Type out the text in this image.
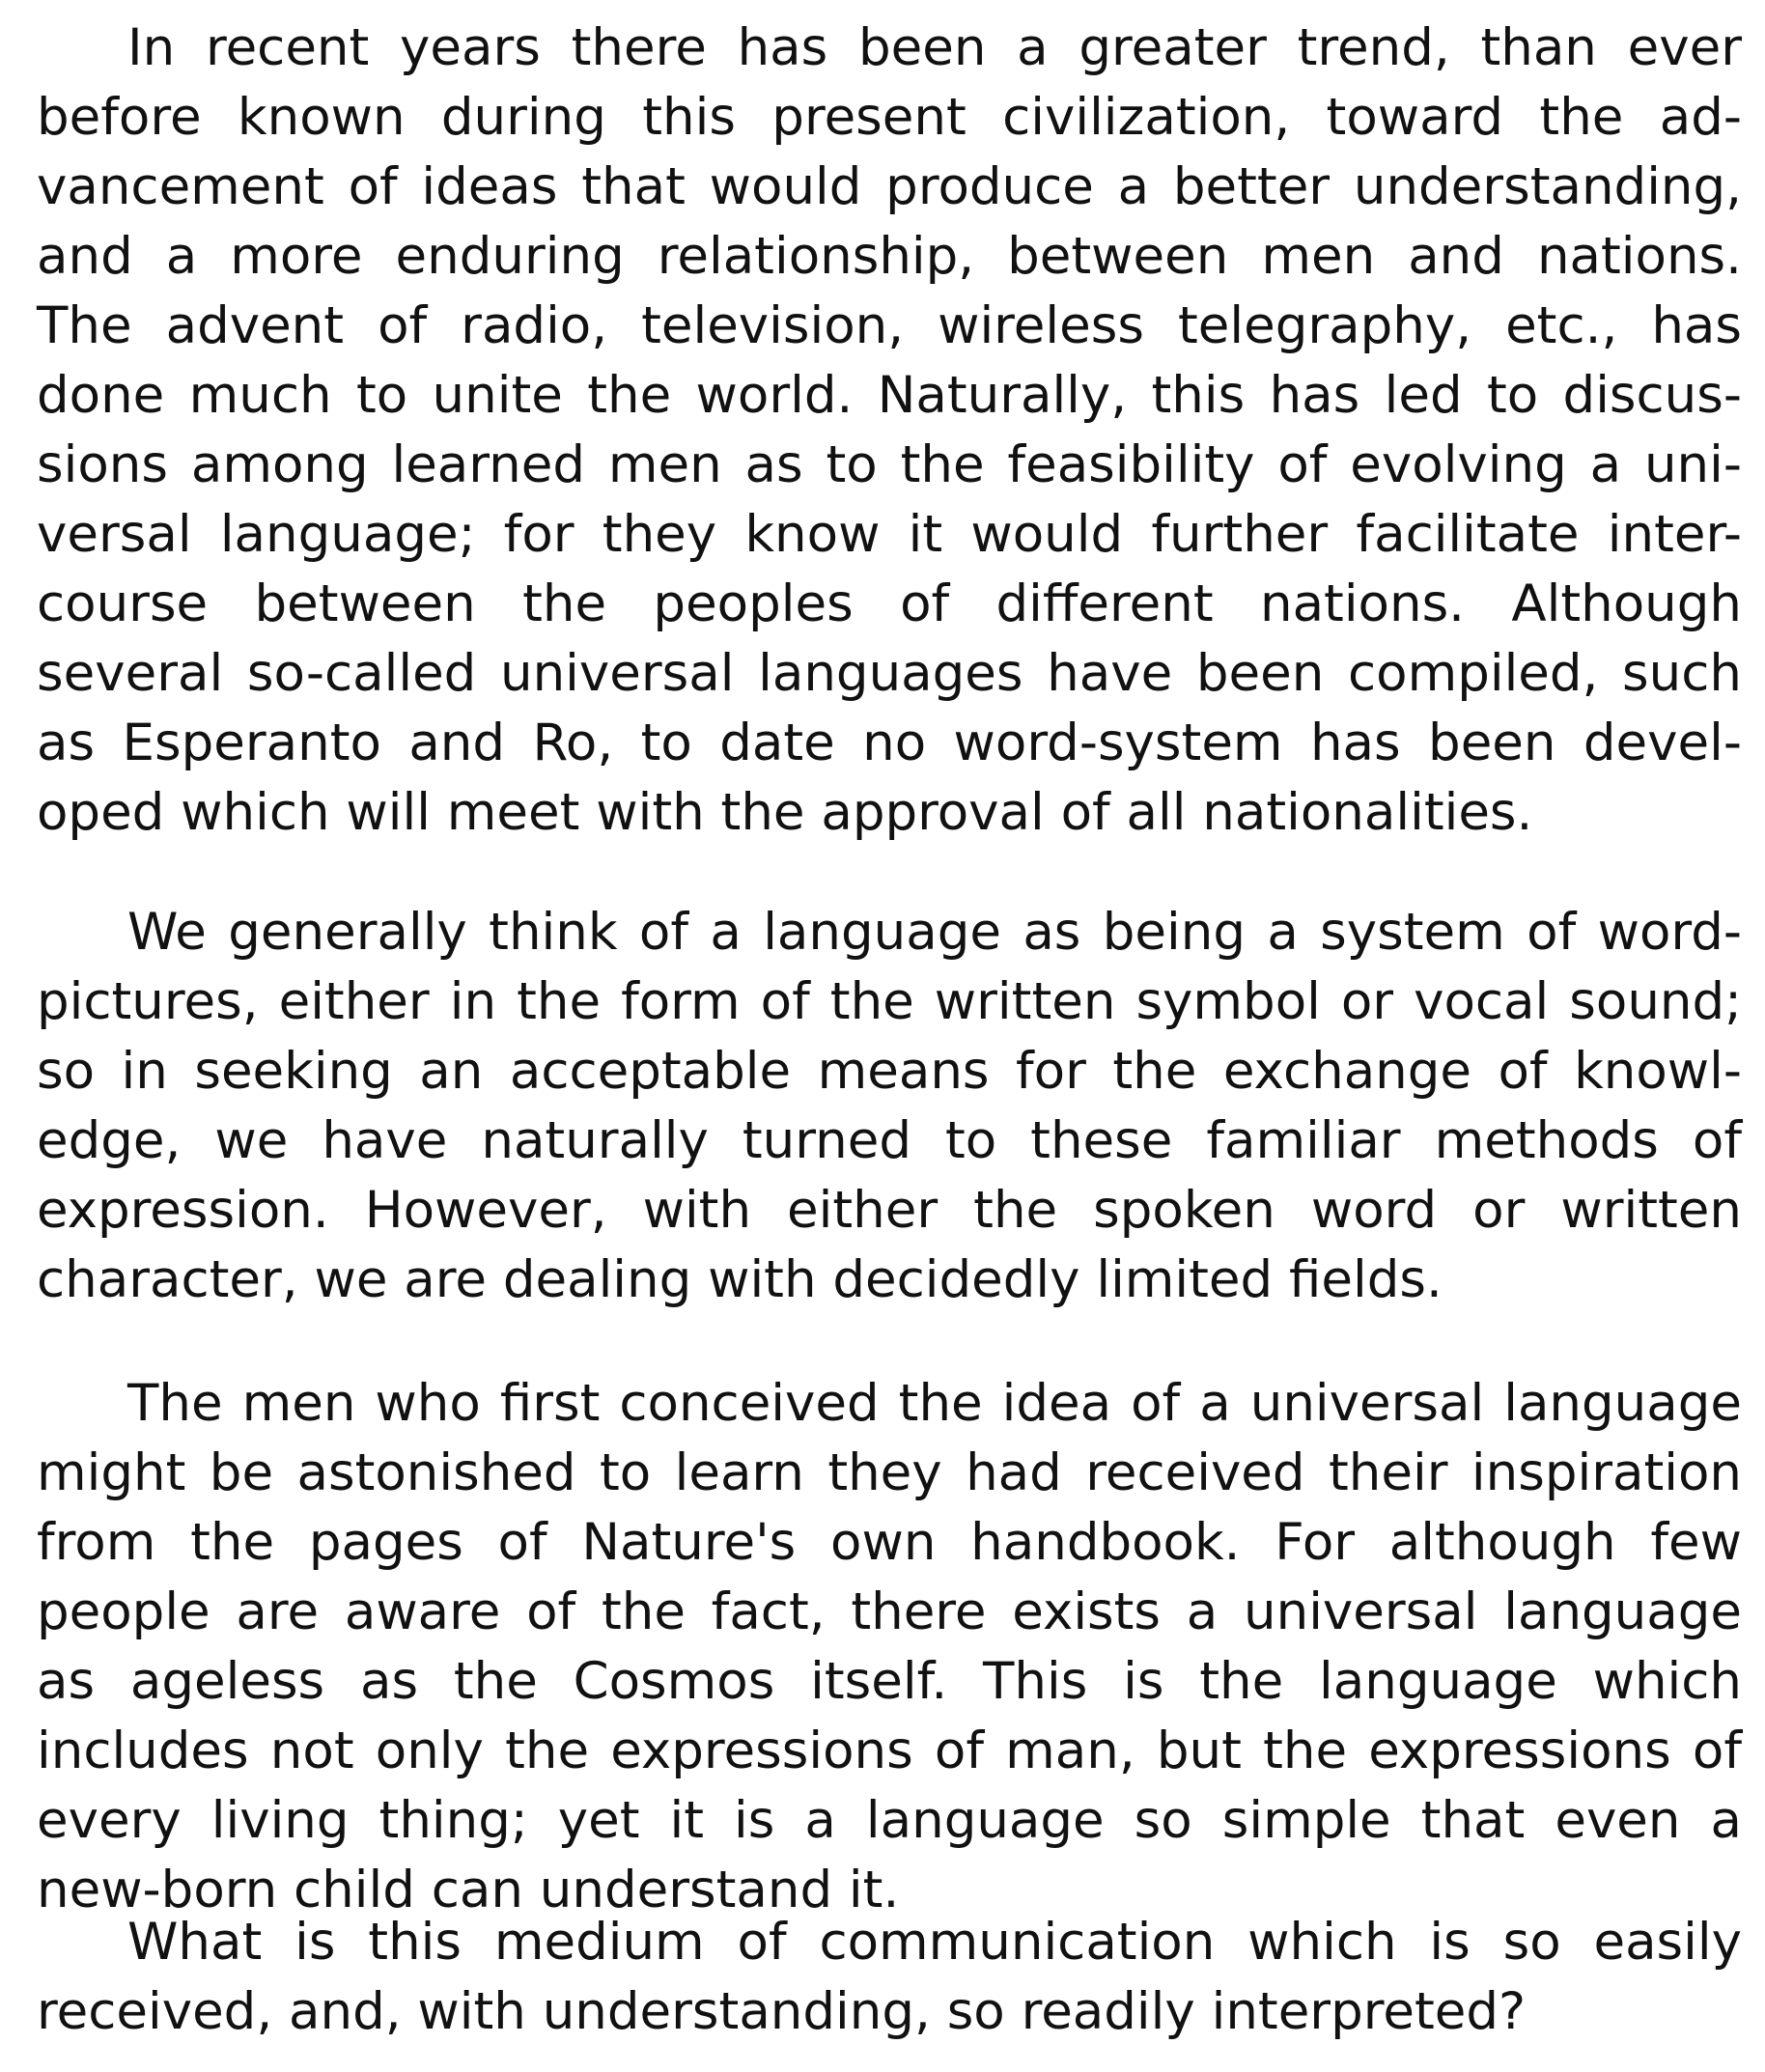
In recent years there has been a greater trend, than ever
before known during this present civilization, toward the ad-
vancement of ideas that would produce a better understanding,
and a more enduring relationship, between men and nations.
The advent of radio, television, wireless telegraphy, etc., has
done much to unite the world. Naturally, this has led to discus-
sions among learned men as to the feasibility of evolving a uni-
versal language; for they know it would further facilitate inter-
course between the peoples of different nations. Although
several so-called universal languages have been compiled, such
as Esperanto and Ro, to date no word-system has been devel-
oped which will meet with the approval of all nationalities.
We generally think of a language as being a system of word-
pictures, either in the form of the written symbol or vocal sound;
so in seeking an acceptable means for the exchange of knowl-
edge, we have naturally turned to these familiar methods of
expression. However, with either the spoken word or written
character, we are dealing with decidedly limited fields.
The men who first conceived the idea of a universal language
might be astonished to learn they had received their inspiration
from the pages of Nature's own handbook. For although few
people are aware of the fact, there exists a universal language
as ageless as the Cosmos itself. This is the language which
includes not only the expressions of man, but the expressions of
every living thing; yet it is a language so simple that even a
new-born child can understand it.
What is this medium of communication which is so easily
received, and, with understanding, so readily interpreted?
